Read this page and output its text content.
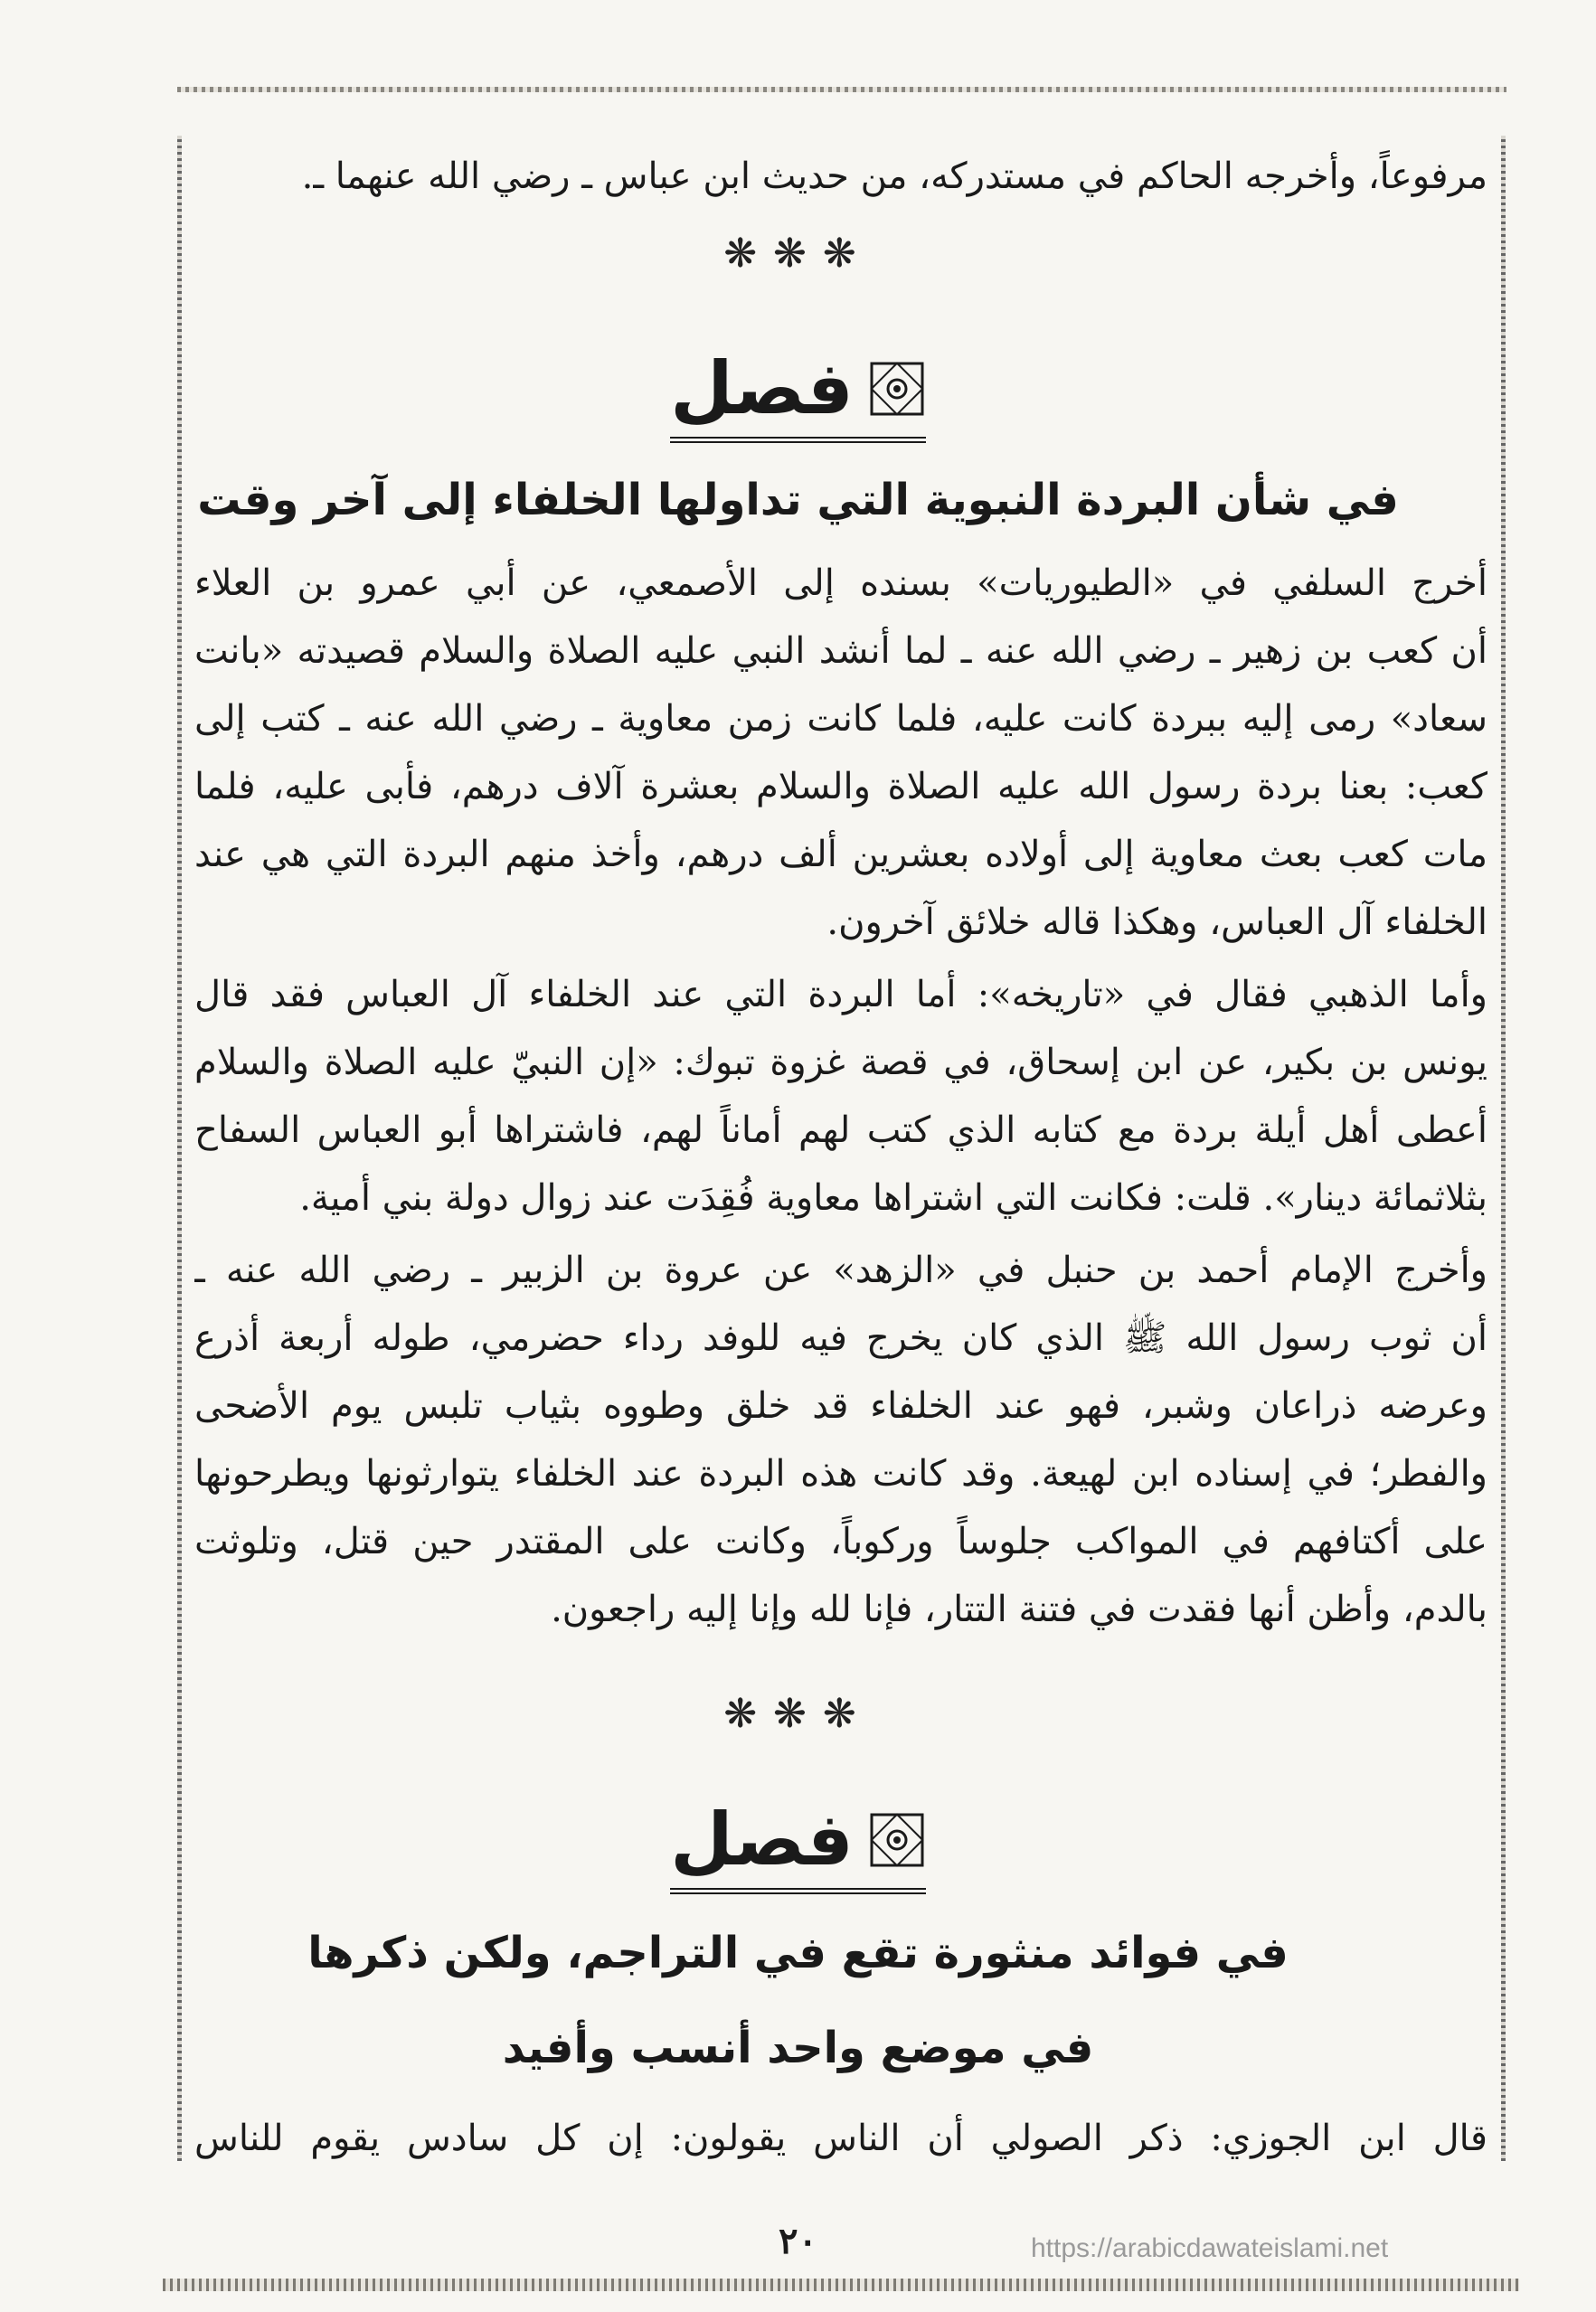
مرفوعاً، وأخرجه الحاكم في مستدركه، من حديث ابن عباس ـ رضي الله عنهما ـ.
❋❋❋
فصل
في شأن البردة النبوية التي تداولها الخلفاء إلى آخر وقت
أخرج السلفي في «الطيوريات» بسنده إلى الأصمعي، عن أبي عمرو بن العلاء
أن كعب بن زهير ـ رضي الله عنه ـ لما أنشد النبي عليه الصلاة والسلام قصيدته «بانت
سعاد» رمى إليه ببردة كانت عليه، فلما كانت زمن معاوية ـ رضي الله عنه ـ كتب إلى
كعب: بعنا بردة رسول الله عليه الصلاة والسلام بعشرة آلاف درهم، فأبى عليه، فلما
مات كعب بعث معاوية إلى أولاده بعشرين ألف درهم، وأخذ منهم البردة التي هي عند
الخلفاء آل العباس، وهكذا قاله خلائق آخرون.
وأما الذهبي فقال في «تاريخه»: أما البردة التي عند الخلفاء آل العباس فقد قال
يونس بن بكير، عن ابن إسحاق، في قصة غزوة تبوك: «إن النبيّ عليه الصلاة والسلام
أعطى أهل أيلة بردة مع كتابه الذي كتب لهم أماناً لهم، فاشتراها أبو العباس السفاح
بثلاثمائة دينار». قلت: فكانت التي اشتراها معاوية فُقِدَت عند زوال دولة بني أمية.
وأخرج الإمام أحمد بن حنبل في «الزهد» عن عروة بن الزبير ـ رضي الله عنه ـ
أن ثوب رسول الله ﷺ الذي كان يخرج فيه للوفد رداء حضرمي، طوله أربعة أذرع
وعرضه ذراعان وشبر، فهو عند الخلفاء قد خلق وطووه بثياب تلبس يوم الأضحى
والفطر؛ في إسناده ابن لهيعة. وقد كانت هذه البردة عند الخلفاء يتوارثونها ويطرحونها
على أكتافهم في المواكب جلوساً وركوباً، وكانت على المقتدر حين قتل، وتلوثت
بالدم، وأظن أنها فقدت في فتنة التتار، فإنا لله وإنا إليه راجعون.
❋❋❋
فصل
في فوائد منثورة تقع في التراجم، ولكن ذكرها
في موضع واحد أنسب وأفيد
قال ابن الجوزي: ذكر الصولي أن الناس يقولون: إن كل سادس يقوم للناس
٢٠	https://arabicdawateislami.net
